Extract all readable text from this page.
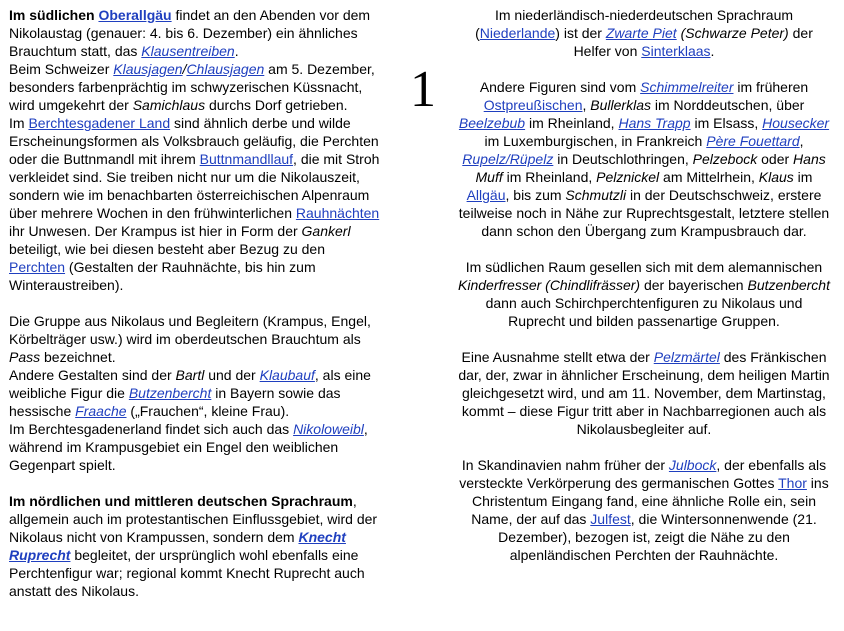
Im südlichen Oberallgäu findet an den Abenden vor dem Nikolaustag (genauer: 4. bis 6. Dezember) ein ähnliches Brauchtum statt, das Klausentreiben.

Beim Schweizer Klausjagen/Chlausjagen am 5. Dezember, besonders farbenprächtig im schwyzerischen Küssnacht, wird umgekehrt der Samichlaus durchs Dorf getrieben.

Im Berchtesgadener Land sind ähnlich derbe und wilde Erscheinungsformen als Volksbrauch geläufig, die Perchten oder die Buttnmandl mit ihrem Buttnmandllauf, die mit Stroh verkleidet sind. Sie treiben nicht nur um die Nikolauszeit, sondern wie im benachbarten österreichischen Alpenraum über mehrere Wochen in den frühwinterlichen Rauhnächten ihr Unwesen. Der Krampus ist hier in Form der Gankerl beteiligt, wie bei diesen besteht aber Bezug zu den Perchten (Gestalten der Rauhnächte, bis hin zum Winteraustreiben).

Die Gruppe aus Nikolaus und Begleitern (Krampus, Engel, Körbelträger usw.) wird im oberdeutschen Brauchtum als Pass bezeichnet.

Andere Gestalten sind der Bartl und der Klaubauf, als eine weibliche Figur die Butzenbercht in Bayern sowie das hessische Fraache („Frauchen“, kleine Frau).

Im Berchtesgadenerland findet sich auch das Nikoloweibl, während im Krampusgebiet ein Engel den weiblichen Gegenpart spielt.

Im nördlichen und mittleren deutschen Sprachraum, allgemein auch im protestantischen Einflussgebiet, wird der Nikolaus nicht von Krampussen, sondern dem Knecht Ruprecht begleitet, der ursprünglich wohl ebenfalls eine Perchtenfigur war; regional kommt Knecht Ruprecht auch anstatt des Nikolaus.

1

Im niederländisch-niederdeutschen Sprachraum (Niederlande) ist der Zwarte Piet (Schwarze Peter) der Helfer von Sinterklaas.

Andere Figuren sind vom Schimmelreiter im früheren Ostpreußischen, Bullerklas im Norddeutschen, über Beelzebub im Rheinland, Hans Trapp im Elsass, Housecker im Luxemburgischen, in Frankreich Père Fouettard, Rupelz/Rüpelz in Deutschlothringen, Pelzebock oder Hans Muff im Rheinland, Pelznickel am Mittelrhein, Klaus im Allgäu, bis zum Schmutzli in der Deutschschweiz, erstere teilweise noch in Nähe zur Ruprechtsgestalt, letztere stellen dann schon den Übergang zum Krampusbrauch dar.

Im südlichen Raum gesellen sich mit dem alemannischen Kinderfresser (Chindlifrässer) der bayerischen Butzenbercht dann auch Schirchperchtenfiguren zu Nikolaus und Ruprecht und bilden passenartige Gruppen.

Eine Ausnahme stellt etwa der Pelzmärtel des Fränkischen dar, der, zwar in ähnlicher Erscheinung, dem heiligen Martin gleichgesetzt wird, und am 11. November, dem Martinstag, kommt – diese Figur tritt aber in Nachbarregionen auch als Nikolausbegleiter auf.

In Skandinavien nahm früher der Julbock, der ebenfalls als versteckte Verkörperung des germanischen Gottes Thor ins Christentum Eingang fand, eine ähnliche Rolle ein, sein Name, der auf das Julfest, die Wintersonnenwende (21. Dezember), bezogen ist, zeigt die Nähe zu den alpenländischen Perchten der Rauhnächte.
